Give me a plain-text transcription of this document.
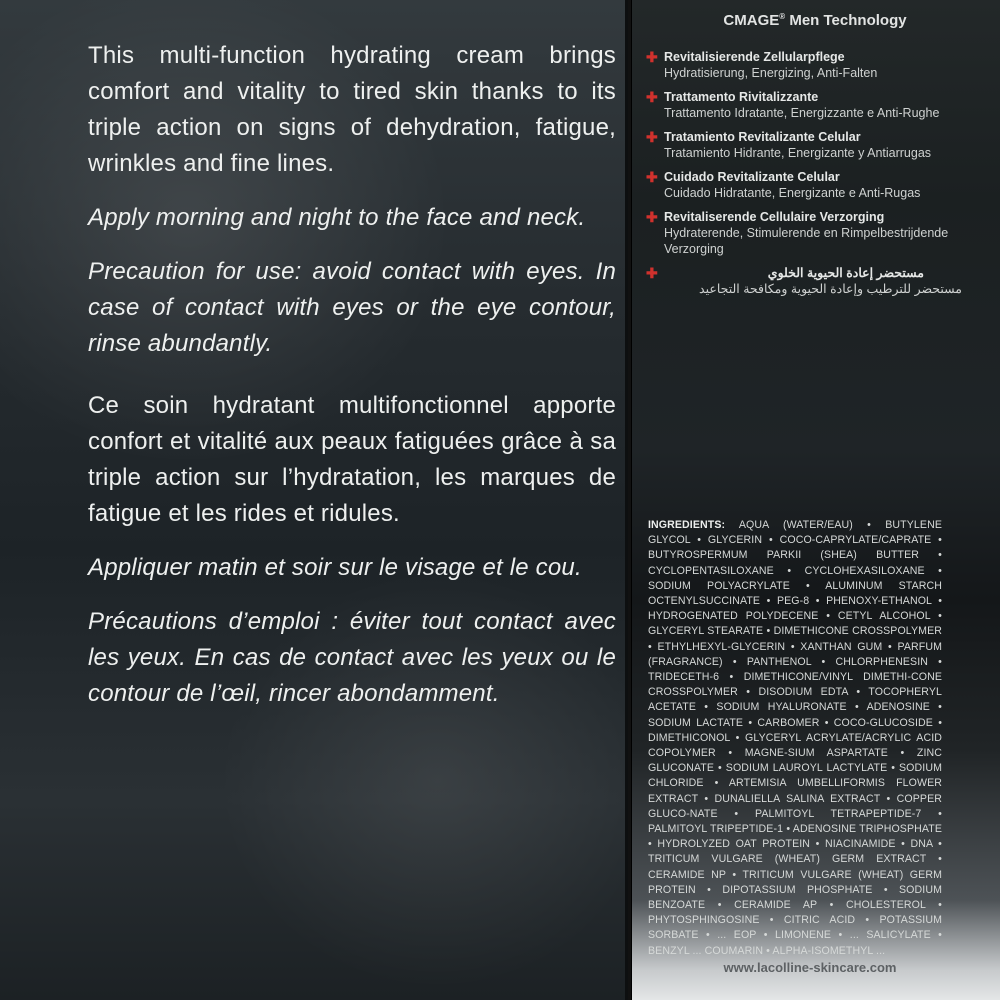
This multi-function hydrating cream brings comfort and vitality to tired skin thanks to its triple action on signs of dehydration, fatigue, wrinkles and fine lines.

Apply morning and night to the face and neck.

Precaution for use: avoid contact with eyes. In case of contact with eyes or the eye contour, rinse abundantly.

Ce soin hydratant multifonctionnel apporte confort et vitalité aux peaux fatiguées grâce à sa triple action sur l’hydratation, les marques de fatigue et les rides et ridules.

Appliquer matin et soir sur le visage et le cou.

Précautions d’emploi : éviter tout contact avec les yeux. En cas de contact avec les yeux ou le contour de l’œil, rincer abondamment.

CMAGE® Men Technology
✚ Revitalisierende Zellularpflege
Hydratisierung, Energizing, Anti-Falten
✚ Trattamento Rivitalizzante
Trattamento Idratante, Energizzante e Anti-Rughe
✚ Tratamiento Revitalizante Celular
Tratamiento Hidrante, Energizante y Antiarrugas
✚ Cuidado Revitalizante Celular
Cuidado Hidratante, Energizante e Anti-Rugas
✚ Revitaliserende Cellulaire Verzorging
Hydraterende, Stimulerende en Rimpelbestrijdende Verzorging
✚	مستحضر إعادة الحيوية الخلوي
مستحضر للترطيب وإعادة الحيوية ومكافحة التجاعيد
INGREDIENTS: AQUA (WATER/EAU) • BUTYLENE GLYCOL • GLYCERIN • COCO-CAPRYLATE/CAPRATE • BUTYROSPERMUM PARKII (SHEA) BUTTER • CYCLOPENTASILOXANE • CYCLOHEXASILOXANE • SODIUM POLYACRYLATE • ALUMINUM STARCH OCTENYLSUCCINATE • PEG-8 • PHENOXY-ETHANOL • HYDROGENATED POLYDECENE • CETYL ALCOHOL • GLYCERYL STEARATE • DIMETHICONE CROSSPOLYMER • ETHYLHEXYL-GLYCERIN • XANTHAN GUM • PARFUM (FRAGRANCE) • PANTHENOL • CHLORPHENESIN • TRIDECETH-6 • DIMETHICONE/VINYL DIMETHI-CONE CROSSPOLYMER • DISODIUM EDTA • TOCOPHERYL ACETATE • SODIUM HYALURONATE • ADENOSINE • SODIUM LACTATE • CARBOMER • COCO-GLUCOSIDE • DIMETHICONOL • GLYCERYL ACRYLATE/ACRYLIC ACID COPOLYMER • MAGNE-SIUM ASPARTATE • ZINC GLUCONATE • SODIUM LAUROYL LACTYLATE • SODIUM CHLORIDE • ARTEMISIA UMBELLIFORMIS FLOWER EXTRACT • DUNALIELLA SALINA EXTRACT • COPPER GLUCO-NATE • PALMITOYL TETRAPEPTIDE-7 • PALMITOYL TRIPEPTIDE-1 • ADENOSINE TRIPHOSPHATE • HYDROLYZED OAT PROTEIN • NIACINAMIDE • DNA • TRITICUM VULGARE (WHEAT) GERM EXTRACT • CERAMIDE NP • TRITICUM VULGARE (WHEAT) GERM PROTEIN • DIPOTASSIUM PHOSPHATE • SODIUM BENZOATE • CERAMIDE AP • CHOLESTEROL • PHYTOSPHINGOSINE • CITRIC ACID • POTASSIUM SORBATE • ... EOP • LIMONENE • ... SALICYLATE • BENZYL ... COUMARIN • ALPHA-ISOMETHYL ...
www.lacolline-skincare.com
